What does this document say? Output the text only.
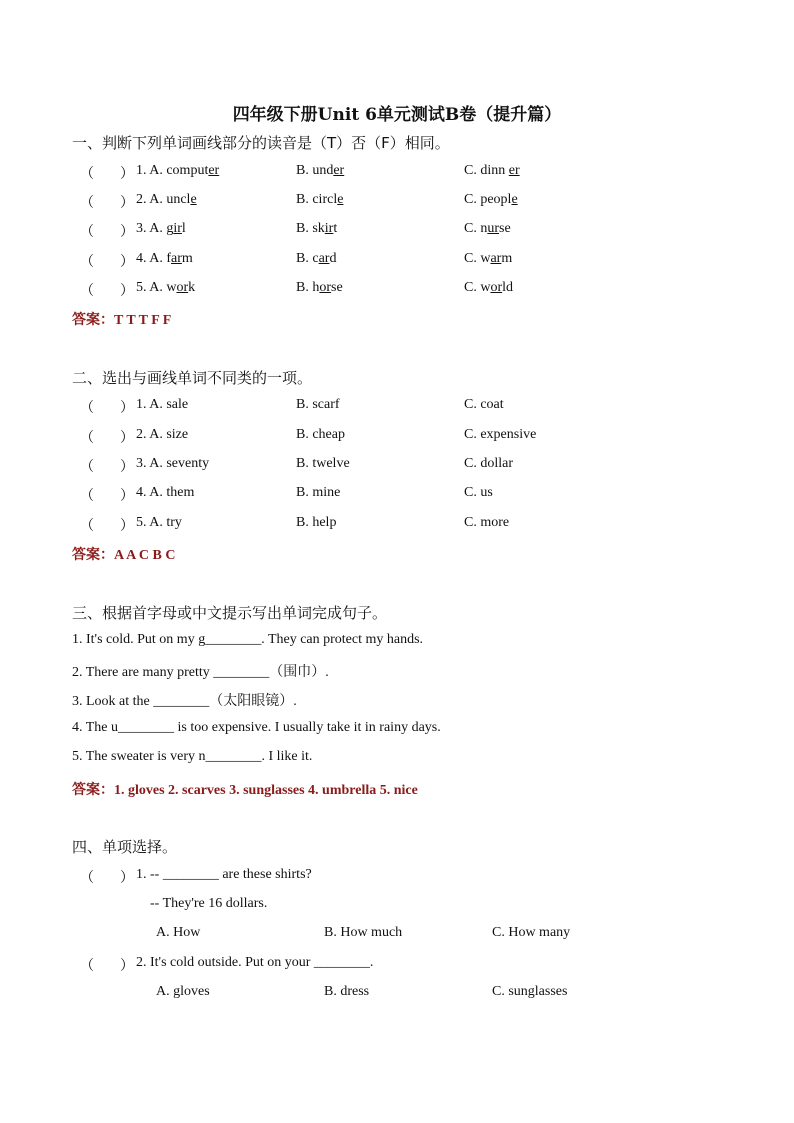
四年级下册Unit 6单元测试B卷（提升篇）
一、判断下列单词画线部分的读音是（T）否（F）相同。
（ ） 1. A. computer	B. under	C. dinn er
（ ） 2. A. uncle	B. circle	C. people
（ ） 3. A. girl	B. skirt	C. nurse
（ ） 4. A. farm	B. card	C. warm
（ ） 5. A. work	B. horse	C. world
答案：T T T F F
二、选出与画线单词不同类的一项。
（ ） 1. A. sale	B. scarf	C. coat
（ ） 2. A. size	B. cheap	C. expensive
（ ） 3. A. seventy	B. twelve	C. dollar
（ ） 4. A. them	B. mine	C. us
（ ） 5. A. try	B. help	C. more
答案：A A C B C
三、根据首字母或中文提示写出单词完成句子。
1. It's cold. Put on my g________. They can protect my hands.
2. There are many pretty ________（围巾）.
3. Look at the ________（太阳眼镜）.
4. The u________ is too expensive. I usually take it in rainy days.
5. The sweater is very n________. I like it.
答案：1. gloves 2. scarves 3. sunglasses 4. umbrella 5. nice
四、单项选择。
（ ） 1. -- ________ are these shirts?
-- They're 16 dollars.
A. How	B. How much	C. How many
（ ） 2. It's cold outside. Put on your ________.
A. gloves	B. dress	C. sunglasses
